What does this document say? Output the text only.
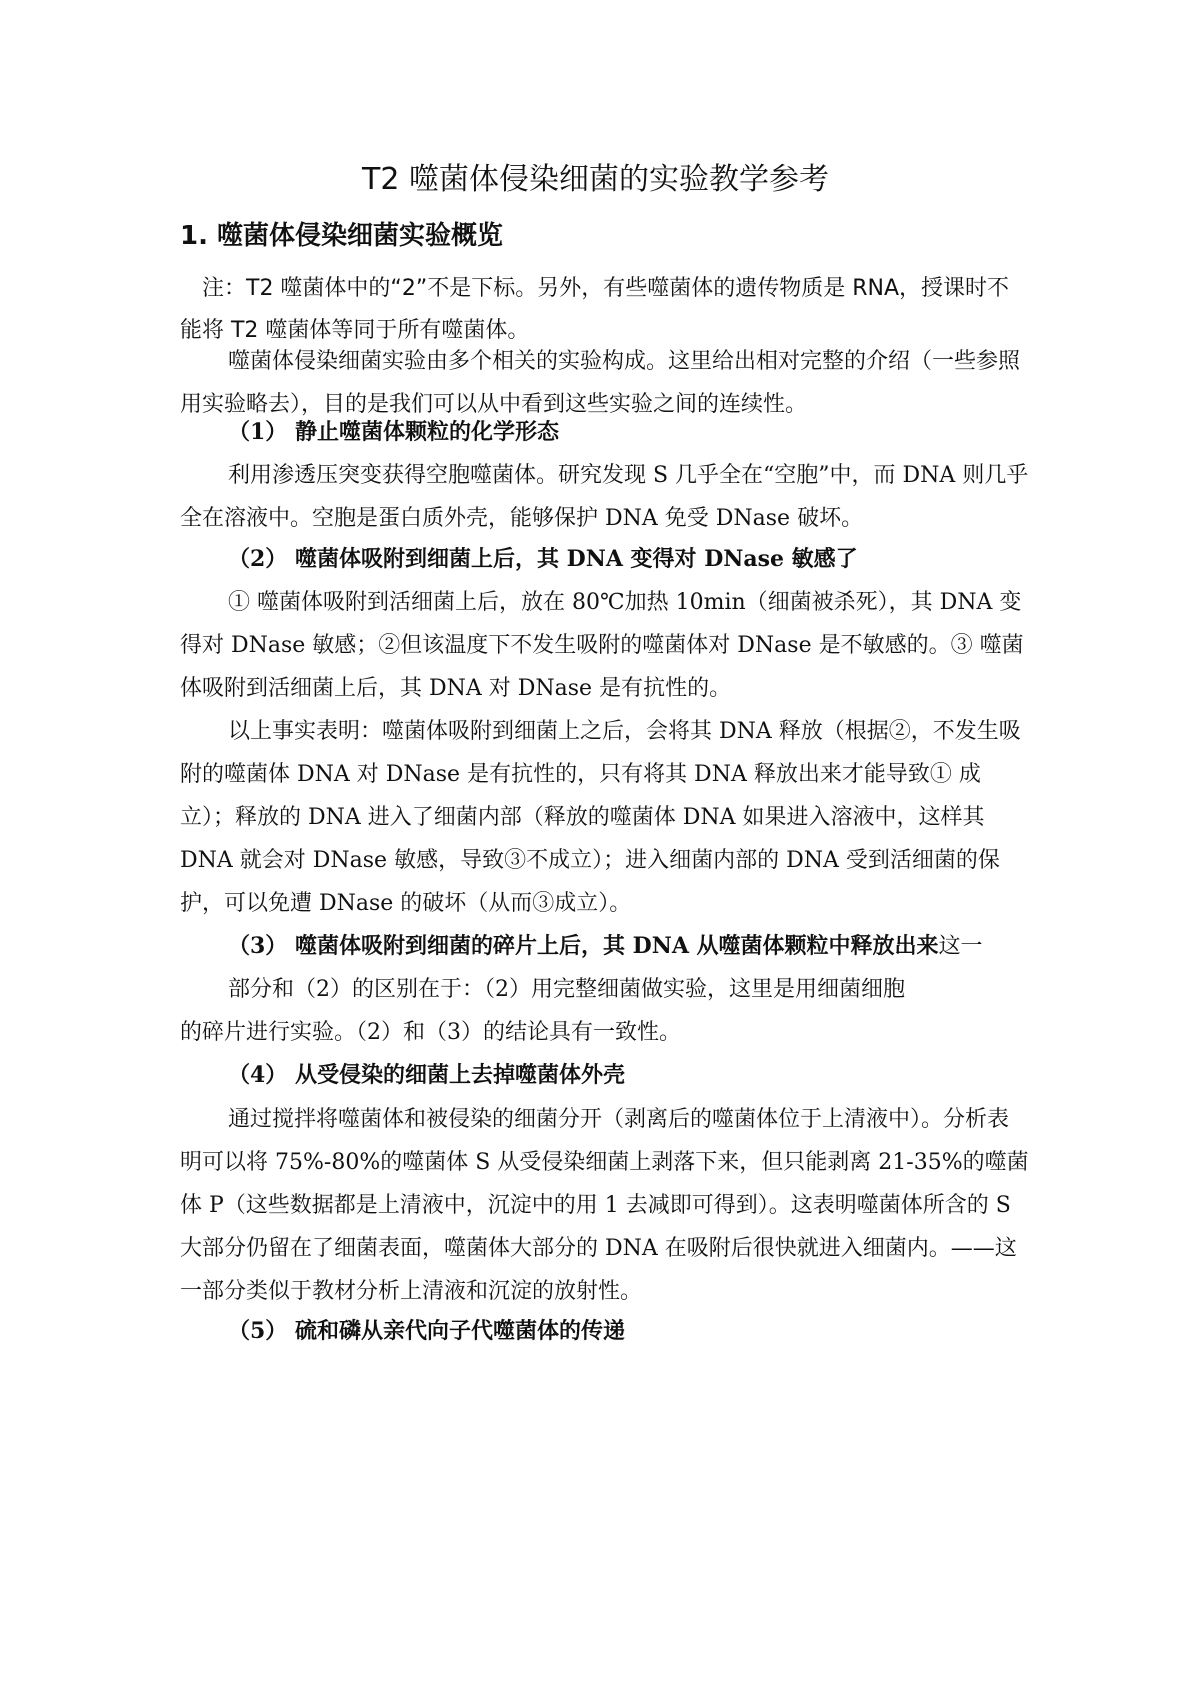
T2 噬菌体侵染细菌的实验教学参考
1. 噬菌体侵染细菌实验概览

注：T2 噬菌体中的“2”不是下标。另外，有些噬菌体的遗传物质是 RNA，授课时不能将 T2 噬菌体等同于所有噬菌体。

噬菌体侵染细菌实验由多个相关的实验构成。这里给出相对完整的介绍（一些参照用实验略去），目的是我们可以从中看到这些实验之间的连续性。

（1） 静止噬菌体颗粒的化学形态

利用渗透压突变获得空胞噬菌体。研究发现 S 几乎全在“空胞”中，而 DNA 则几乎全在溶液中。空胞是蛋白质外壳，能够保护 DNA 免受 DNase 破坏。

（2） 噬菌体吸附到细菌上后，其 DNA 变得对 DNase 敏感了

① 噬菌体吸附到活细菌上后，放在 80℃加热 10min（细菌被杀死），其 DNA 变得对 DNase 敏感；②但该温度下不发生吸附的噬菌体对 DNase 是不敏感的。③ 噬菌体吸附到活细菌上后，其 DNA 对 DNase 是有抗性的。

以上事实表明：噬菌体吸附到细菌上之后，会将其 DNA 释放（根据②，不发生吸附的噬菌体 DNA 对 DNase 是有抗性的，只有将其 DNA 释放出来才能导致① 成立）；释放的 DNA 进入了细菌内部（释放的噬菌体 DNA 如果进入溶液中，这样其 DNA 就会对 DNase 敏感，导致③不成立）；进入细菌内部的 DNA 受到活细菌的保护，可以免遭 DNase 的破坏（从而③成立）。

（3） 噬菌体吸附到细菌的碎片上后，其 DNA 从噬菌体颗粒中释放出来这一

部分和（2）的区别在于：（2）用完整细菌做实验，这里是用细菌细胞

的碎片进行实验。（2）和（3）的结论具有一致性。

（4） 从受侵染的细菌上去掉噬菌体外壳

通过搅拌将噬菌体和被侵染的细菌分开（剥离后的噬菌体位于上清液中）。分析表明可以将 75%-80%的噬菌体 S 从受侵染细菌上剥落下来，但只能剥离 21-35%的噬菌体 P（这些数据都是上清液中，沉淀中的用 1 去减即可得到）。这表明噬菌体所含的 S 大部分仍留在了细菌表面，噬菌体大部分的 DNA 在吸附后很快就进入细菌内。——这一部分类似于教材分析上清液和沉淀的放射性。

（5） 硫和磷从亲代向子代噬菌体的传递
